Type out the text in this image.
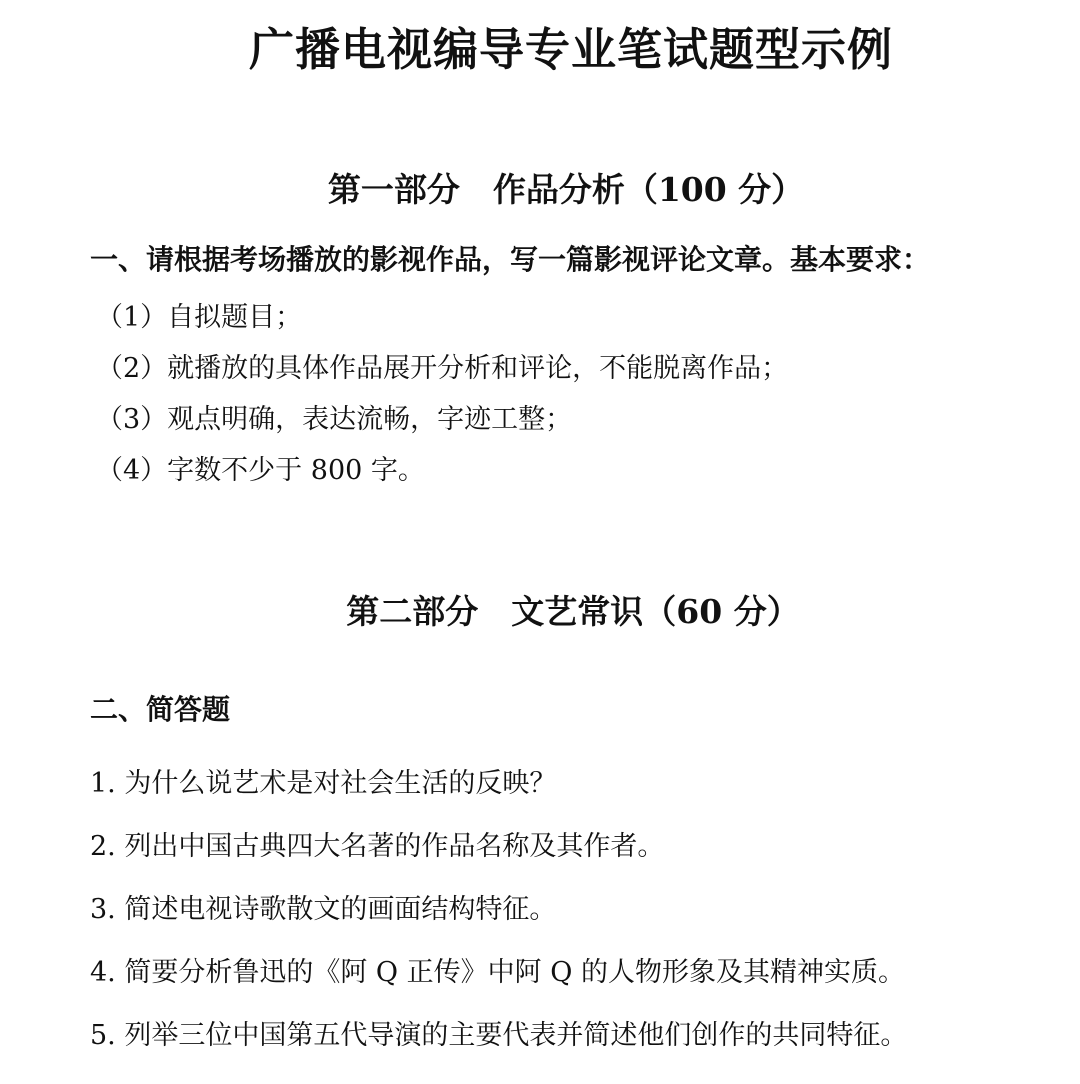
广播电视编导专业笔试题型示例
第一部分　作品分析（100 分）
一、请根据考场播放的影视作品，写一篇影视评论文章。基本要求：
（1）自拟题目；
（2）就播放的具体作品展开分析和评论，不能脱离作品；
（3）观点明确，表达流畅，字迹工整；
（4）字数不少于 800 字。
第二部分　文艺常识（60 分）
二、简答题
1. 为什么说艺术是对社会生活的反映？
2. 列出中国古典四大名著的作品名称及其作者。
3. 简述电视诗歌散文的画面结构特征。
4. 简要分析鲁迅的《阿 Q 正传》中阿 Q 的人物形象及其精神实质。
5. 列举三位中国第五代导演的主要代表并简述他们创作的共同特征。
